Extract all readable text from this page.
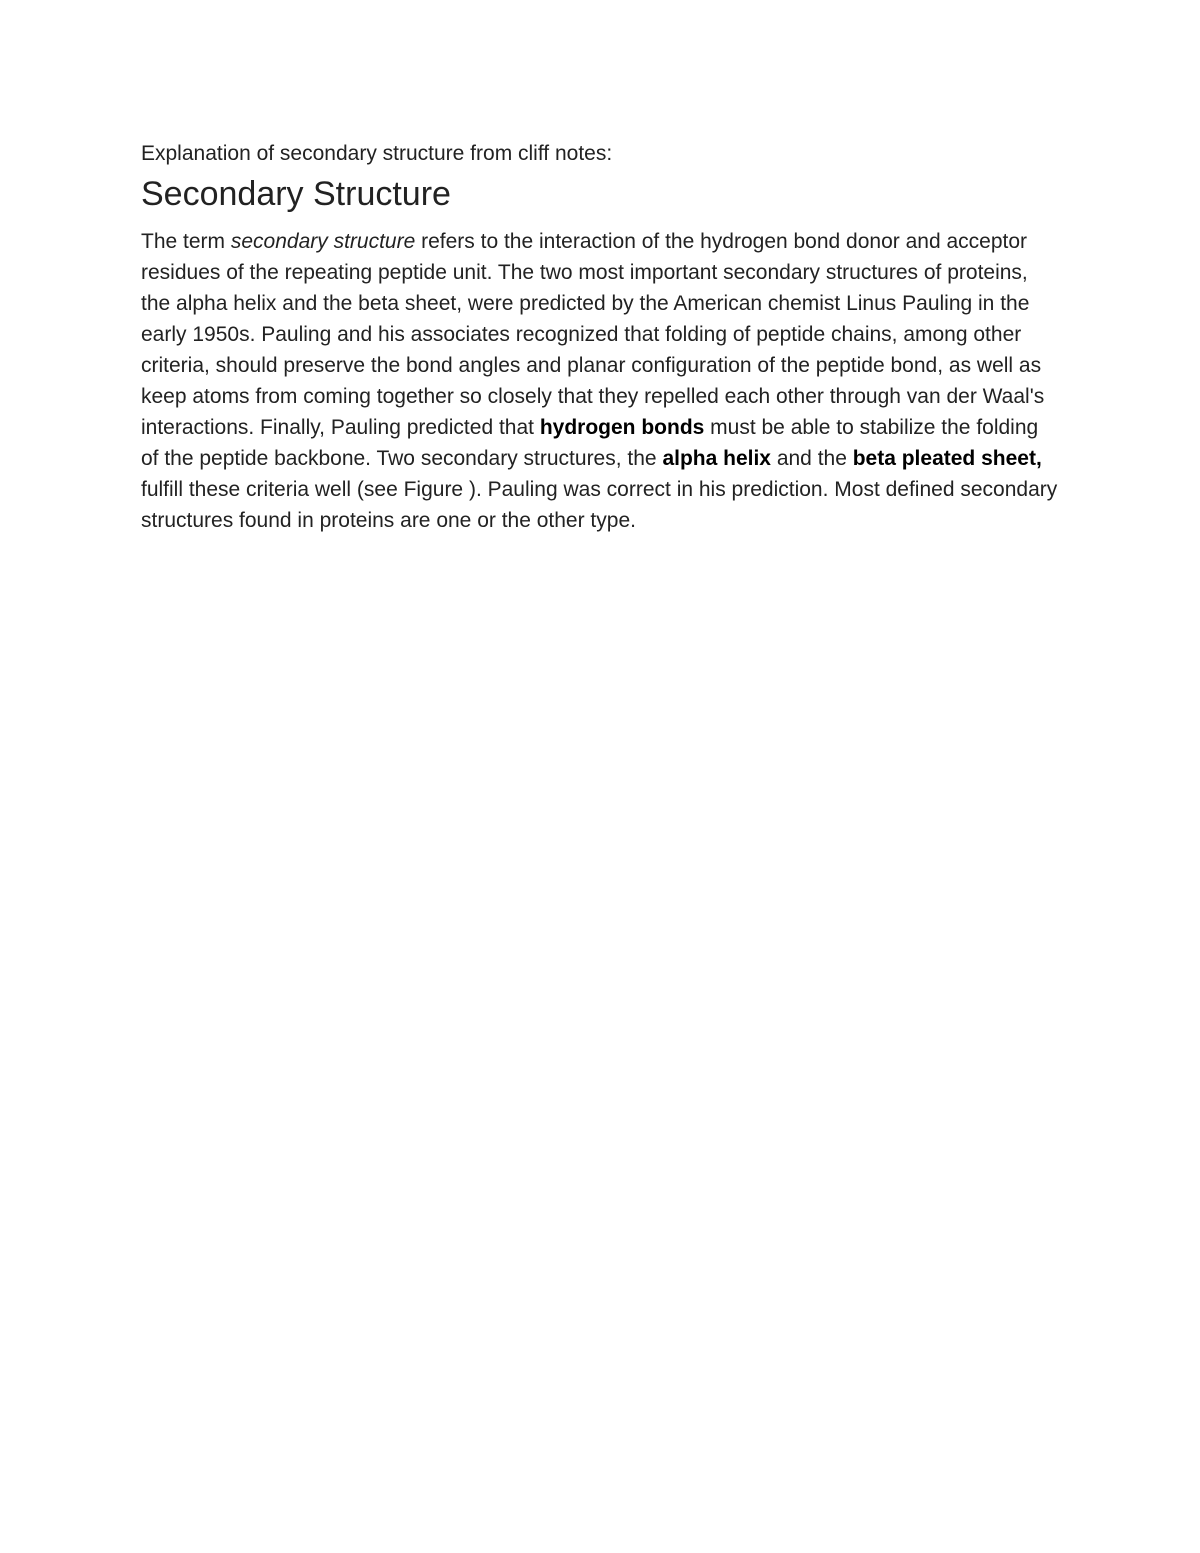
Explanation of secondary structure from cliff notes:

Secondary Structure

The term secondary structure refers to the interaction of the hydrogen bond donor and acceptor residues of the repeating peptide unit. The two most important secondary structures of proteins, the alpha helix and the beta sheet, were predicted by the American chemist Linus Pauling in the early 1950s. Pauling and his associates recognized that folding of peptide chains, among other criteria, should preserve the bond angles and planar configuration of the peptide bond, as well as keep atoms from coming together so closely that they repelled each other through van der Waal's interactions. Finally, Pauling predicted that hydrogen bonds must be able to stabilize the folding of the peptide backbone. Two secondary structures, the alpha helix and the beta pleated sheet, fulfill these criteria well (see Figure ). Pauling was correct in his prediction. Most defined secondary structures found in proteins are one or the other type.
